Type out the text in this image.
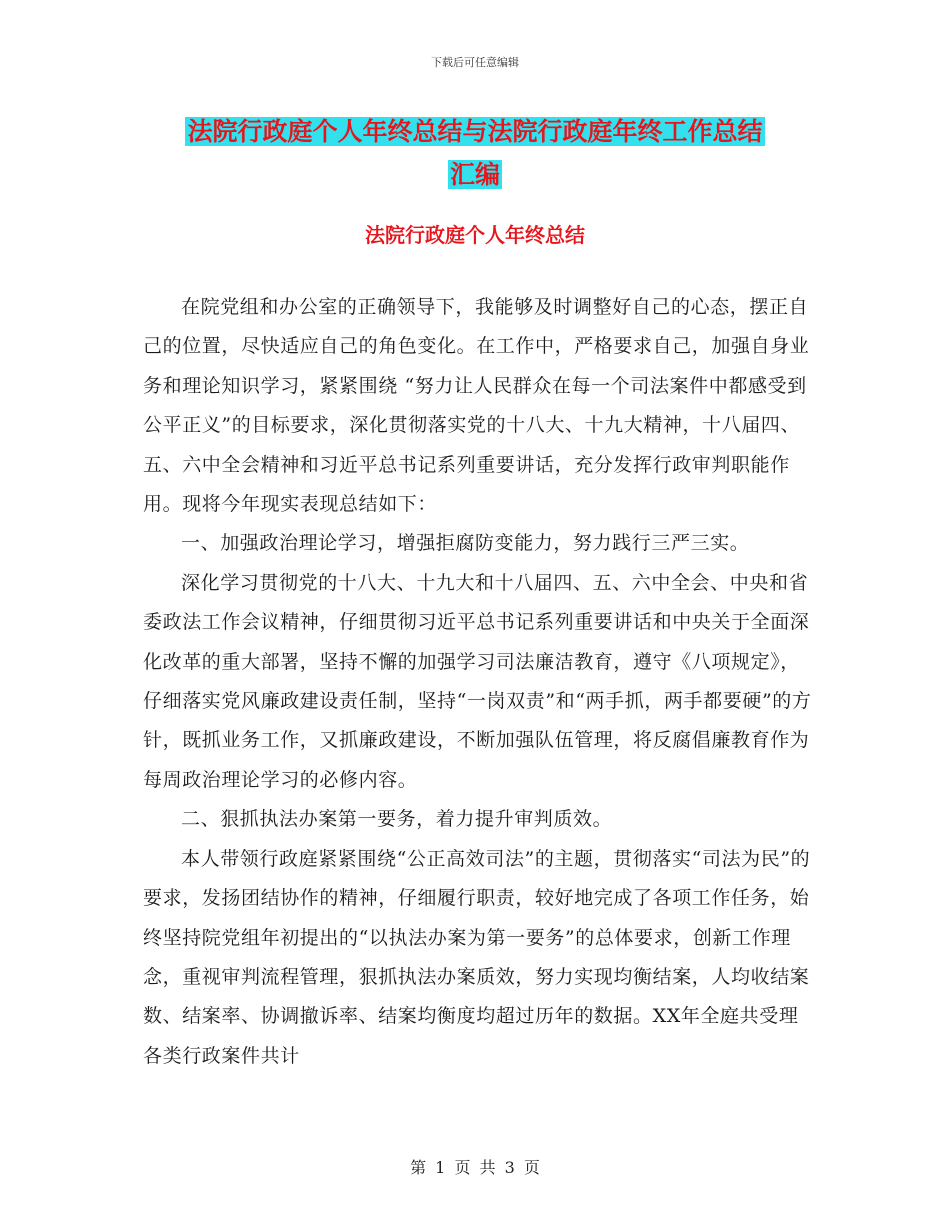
下载后可任意编辑
法院行政庭个人年终总结与法院行政庭年终工作总结
汇编
法院行政庭个人年终总结

在院党组和办公室的正确领导下，我能够及时调整好自己的心态，摆正自己的位置，尽快适应自己的角色变化。在工作中，严格要求自己，加强自身业务和理论知识学习，紧紧围绕 “努力让人民群众在每一个司法案件中都感受到公平正义”的目标要求，深化贯彻落实党的十八大、十九大精神，十八届四、五、六中全会精神和习近平总书记系列重要讲话，充分发挥行政审判职能作用。现将今年现实表现总结如下：

一、加强政治理论学习，增强拒腐防变能力，努力践行三严三实。

深化学习贯彻党的十八大、十九大和十八届四、五、六中全会、中央和省委政法工作会议精神，仔细贯彻习近平总书记系列重要讲话和中央关于全面深化改革的重大部署，坚持不懈的加强学习司法廉洁教育，遵守《八项规定》，仔细落实党风廉政建设责任制，坚持“一岗双责”和“两手抓，两手都要硬”的方针，既抓业务工作，又抓廉政建设，不断加强队伍管理，将反腐倡廉教育作为每周政治理论学习的必修内容。

二、狠抓执法办案第一要务，着力提升审判质效。

本人带领行政庭紧紧围绕“公正高效司法”的主题，贯彻落实“司法为民”的要求，发扬团结协作的精神，仔细履行职责，较好地完成了各项工作任务，始终坚持院党组年初提出的“以执法办案为第一要务”的总体要求，创新工作理念，重视审判流程管理，狠抓执法办案质效，努力实现均衡结案，人均收结案数、结案率、协调撤诉率、结案均衡度均超过历年的数据。XX年全庭共受理各类行政案件共计

第 1 页 共 3 页
